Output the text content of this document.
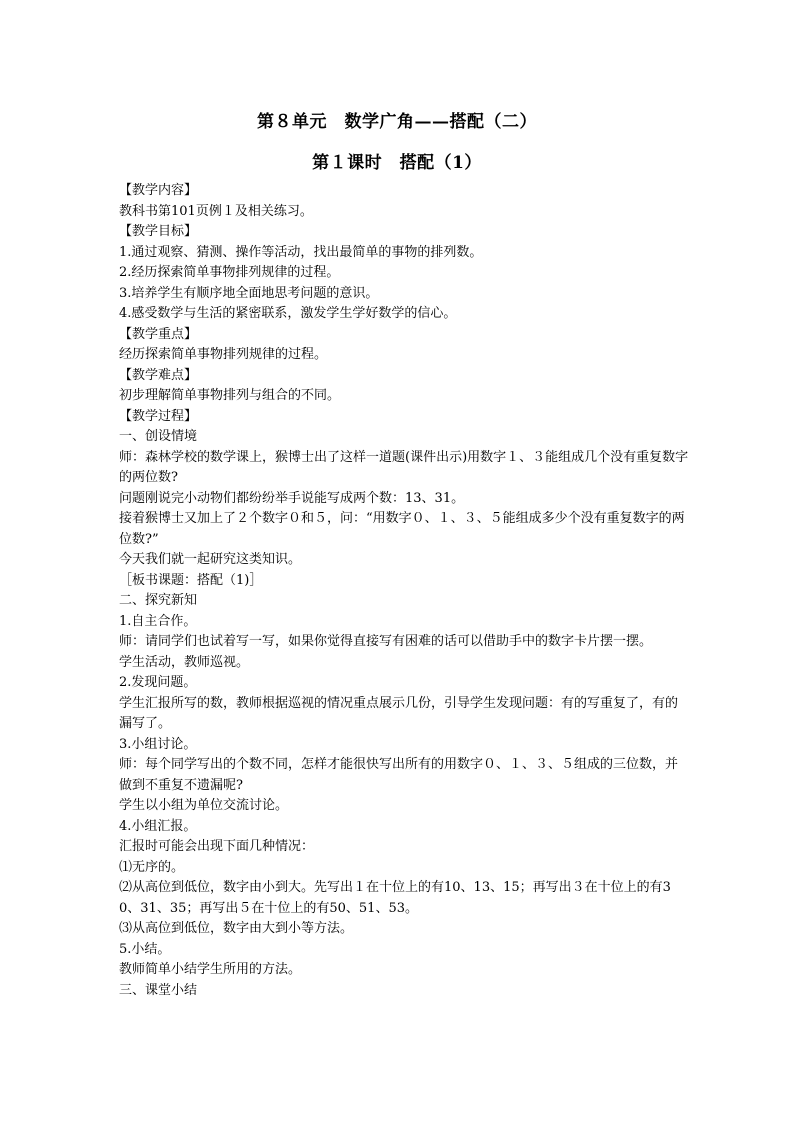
第８单元　数学广角——搭配（二）
第１课时　搭配（1）

【教学内容】

教科书第101页例１及相关练习。

【教学目标】

1.通过观察、猜测、操作等活动，找出最简单的事物的排列数。

2.经历探索简单事物排列规律的过程。

3.培养学生有顺序地全面地思考问题的意识。

4.感受数学与生活的紧密联系，激发学生学好数学的信心。

【教学重点】

经历探索简单事物排列规律的过程。

【教学难点】

初步理解简单事物排列与组合的不同。

【教学过程】

一、创设情境

师：森林学校的数学课上，猴博士出了这样一道题(课件出示)用数字１、３能组成几个没有重复数字的两位数?

问题刚说完小动物们都纷纷举手说能写成两个数：13、31。

接着猴博士又加上了２个数字０和５，问：“用数字０、１、３、５能组成多少个没有重复数字的两位数?”

今天我们就一起研究这类知识。

［板书课题：搭配（1)］

二、探究新知

1.自主合作。

师：请同学们也试着写一写，如果你觉得直接写有困难的话可以借助手中的数字卡片摆一摆。

学生活动，教师巡视。

2.发现问题。

学生汇报所写的数，教师根据巡视的情况重点展示几份，引导学生发现问题：有的写重复了，有的漏写了。

3.小组讨论。

师：每个同学写出的个数不同，怎样才能很快写出所有的用数字０、１、３、５组成的三位数，并做到不重复不遗漏呢?

学生以小组为单位交流讨论。

4.小组汇报。

汇报时可能会出现下面几种情况：

⑴无序的。

⑵从高位到低位，数字由小到大。先写出１在十位上的有10、13、15；再写出３在十位上的有30、31、35；再写出５在十位上的有50、51、53。

⑶从高位到低位，数字由大到小等方法。

5.小结。

教师简单小结学生所用的方法。

三、课堂小结
